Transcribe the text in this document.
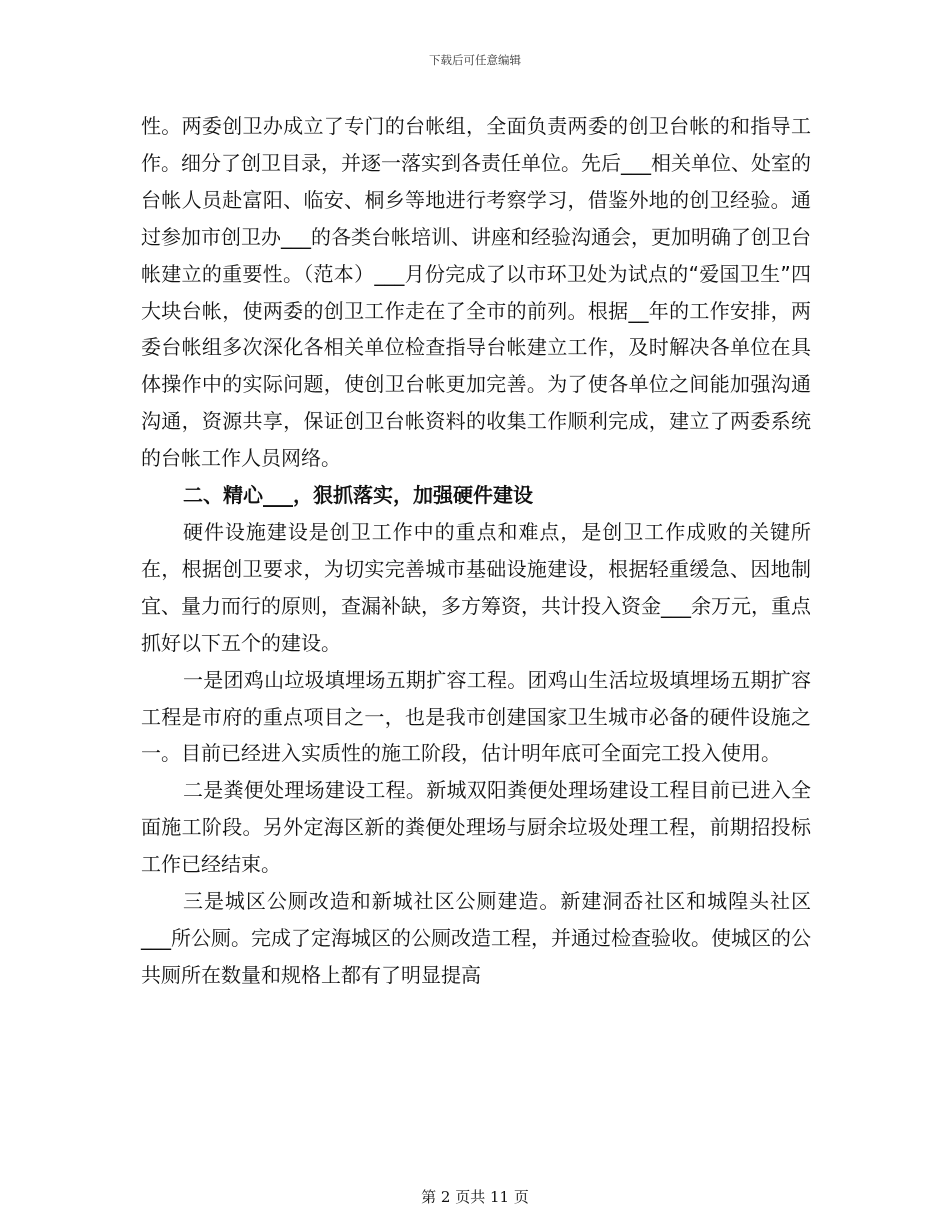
下载后可任意编辑

性。两委创卫办成立了专门的台帐组，全面负责两委的创卫台帐的和指导工作。细分了创卫目录，并逐一落实到各责任单位。先后___相关单位、处室的台帐人员赴富阳、临安、桐乡等地进行考察学习，借鉴外地的创卫经验。通过参加市创卫办___的各类台帐培训、讲座和经验沟通会，更加明确了创卫台帐建立的重要性。（范本）___月份完成了以市环卫处为试点的“爱国卫生”四大块台帐，使两委的创卫工作走在了全市的前列。根据__年的工作安排，两委台帐组多次深化各相关单位检查指导台帐建立工作，及时解决各单位在具体操作中的实际问题，使创卫台帐更加完善。为了使各单位之间能加强沟通沟通，资源共享，保证创卫台帐资料的收集工作顺利完成，建立了两委系统的台帐工作人员网络。

二、精心___，狠抓落实，加强硬件建设

硬件设施建设是创卫工作中的重点和难点，是创卫工作成败的关键所在，根据创卫要求，为切实完善城市基础设施建设，根据轻重缓急、因地制宜、量力而行的原则，查漏补缺，多方筹资，共计投入资金___余万元，重点抓好以下五个的建设。

一是团鸡山垃圾填埋场五期扩容工程。团鸡山生活垃圾填埋场五期扩容工程是市府的重点项目之一，也是我市创建国家卫生城市必备的硬件设施之一。目前已经进入实质性的施工阶段，估计明年底可全面完工投入使用。

二是粪便处理场建设工程。新城双阳粪便处理场建设工程目前已进入全面施工阶段。另外定海区新的粪便处理场与厨余垃圾处理工程，前期招投标工作已经结束。

三是城区公厕改造和新城社区公厕建造。新建洞岙社区和城隍头社区___所公厕。完成了定海城区的公厕改造工程，并通过检查验收。使城区的公共厕所在数量和规格上都有了明显提高

第 2 页共 11 页
